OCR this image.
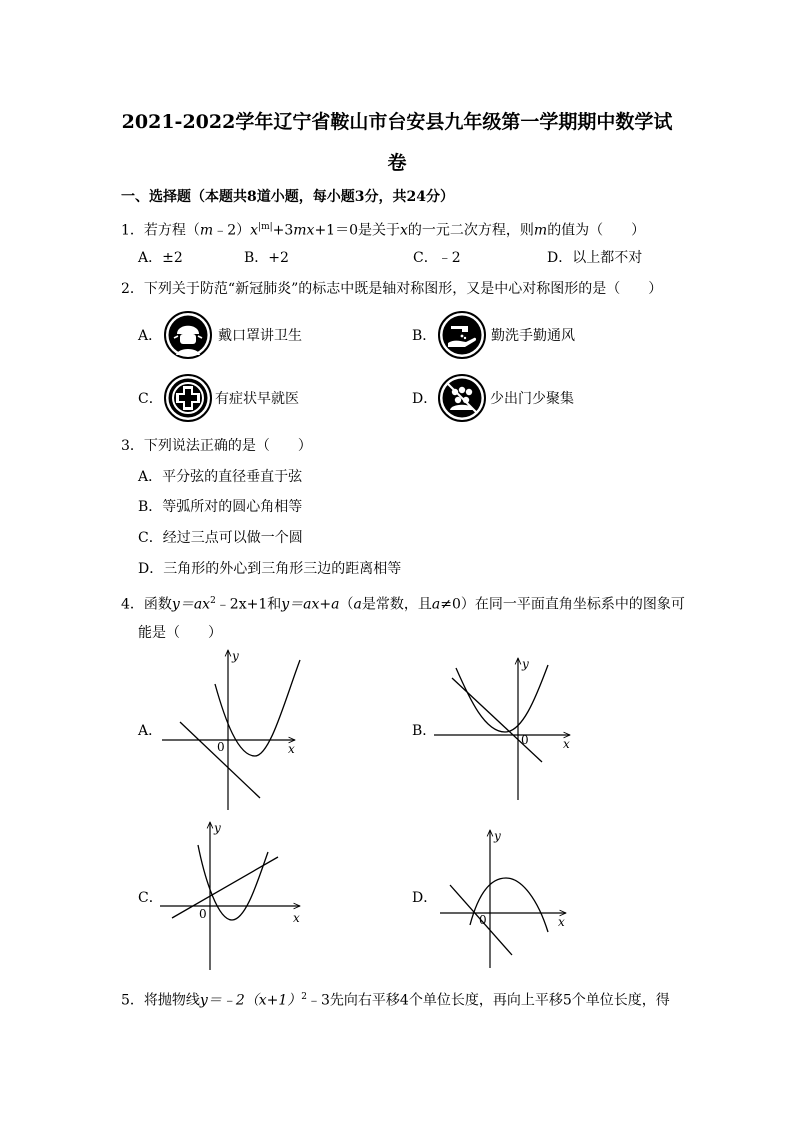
2021-2022学年辽宁省鞍山市台安县九年级第一学期期中数学试
卷
一、选择题（本题共8道小题，每小题3分，共24分）
1．若方程$(m﹣2)x^{|m|}+3mx+1=0$是关于x的一元二次方程，则m的值为（　　）
A．±2	B．+2	C．﹣2	D．以上都不对
2．下列关于防范“新冠肺炎”的标志中既是轴对称图形，又是中心对称图形的是（　　）
A．	戴口罩讲卫生	B．	勤洗手勤通风
C．	有症状早就医	D．	少出门少聚集
3．下列说法正确的是（　　）
A．平分弦的直径垂直于弦
B．等弧所对的圆心角相等
C．经过三点可以做一个圆
D．三角形的外心到三角形三边的距离相等
4．函数$y=ax^2﹣2x+1$和y＝ax+a（a是常数，且a≠0）在同一平面直角坐标系中的图象可
能是（　　）
A．	B．
C．	D．
y
x
0
y
x
0
y
x
0
y
x
0
5．将抛物线$y=﹣2(x+1)^2﹣3$先向右平移4个单位长度，再向上平移5个单位长度，得
